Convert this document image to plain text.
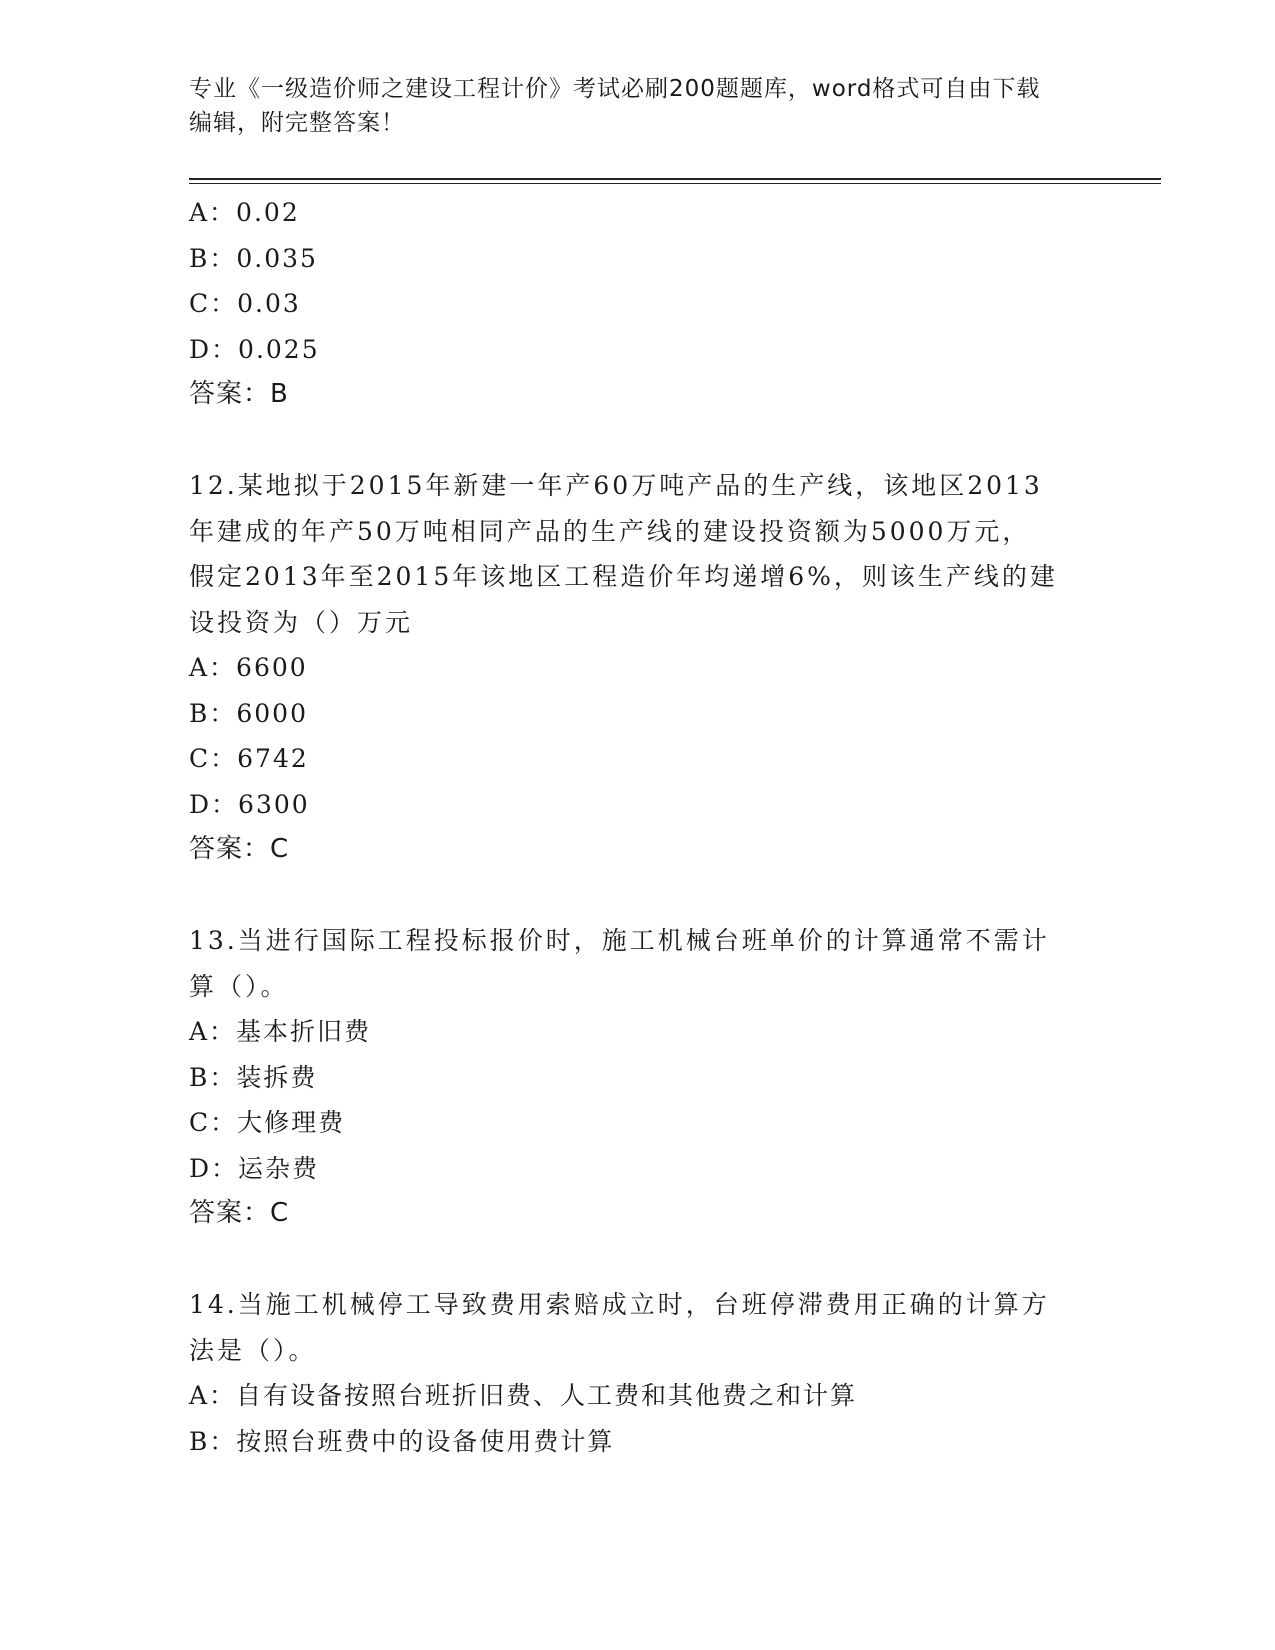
专业《一级造价师之建设工程计价》考试必刷200题题库，word格式可自由下载
编辑，附完整答案！
A：0.02
B：0.035
C：0.03
D：0.025
答案：B
12.某地拟于2015年新建一年产60万吨产品的生产线，该地区2013
年建成的年产50万吨相同产品的生产线的建设投资额为5000万元，
假定2013年至2015年该地区工程造价年均递增6%，则该生产线的建
设投资为（）万元
A：6600
B：6000
C：6742
D：6300
答案：C
13.当进行国际工程投标报价时，施工机械台班单价的计算通常不需计
算（）。
A：基本折旧费
B：装拆费
C：大修理费
D：运杂费
答案：C
14.当施工机械停工导致费用索赔成立时，台班停滞费用正确的计算方
法是（）。
A：自有设备按照台班折旧费、人工费和其他费之和计算
B：按照台班费中的设备使用费计算
